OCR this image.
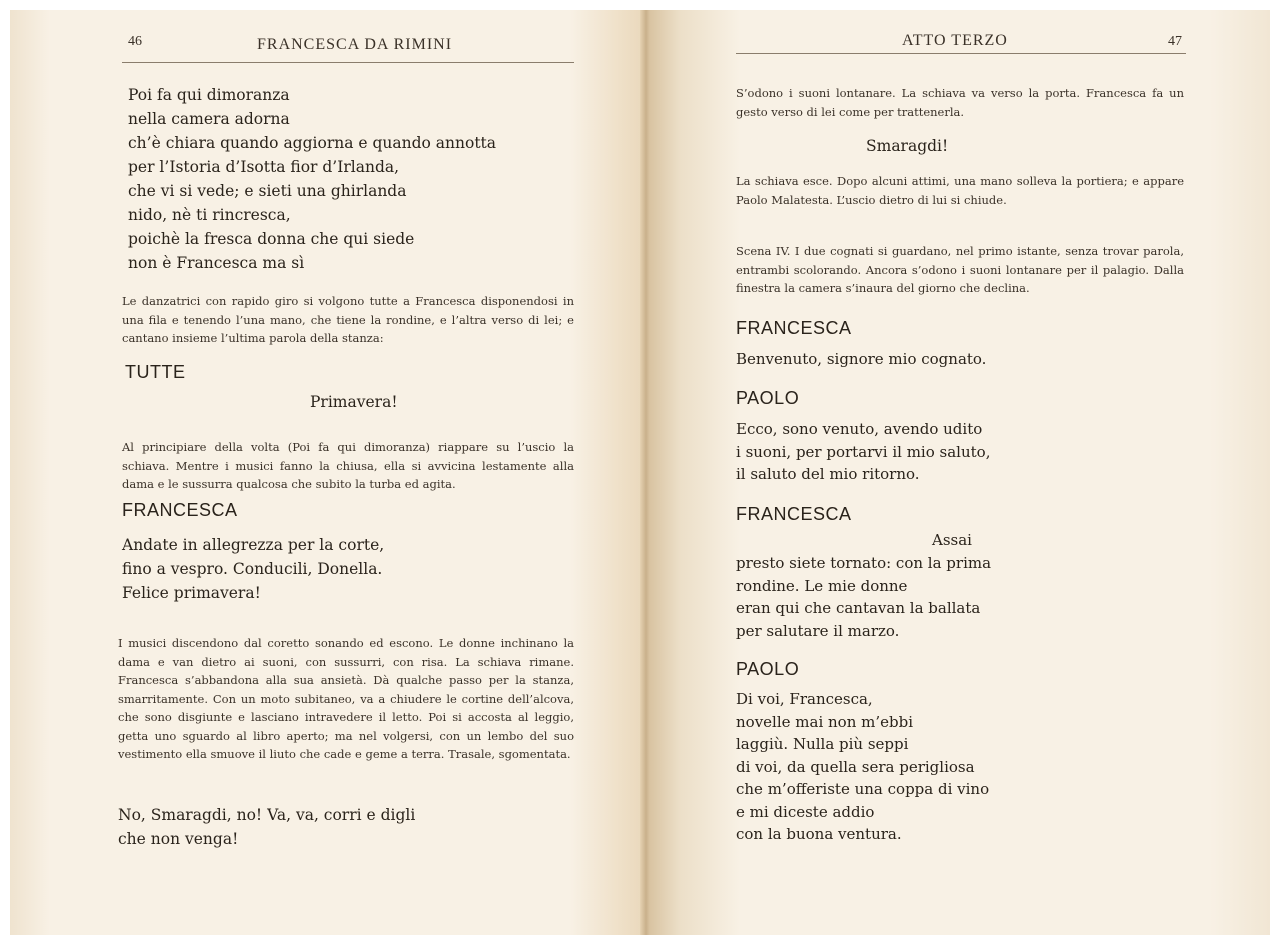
46	FRANCESCA DA RIMINI
Poi fa qui dimoranza
nella camera adorna
ch’è chiara quando aggiorna e quando annotta
per l’Istoria d’Isotta fior d’Irlanda,
che vi si vede; e sieti una ghirlanda
nido, nè ti rincresca,
poichè la fresca donna che qui siede
non è Francesca ma sì
Le danzatrici con rapido giro si volgono tutte a Francesca disponendosi in una fila e tenendo l’una mano, che tiene la rondine, e l’altra verso di lei; e cantano insieme l’ultima parola della stanza:
TUTTE
Primavera!
Al principiare della volta (Poi fa qui dimoranza) riappare su l’uscio la schiava. Mentre i musici fanno la chiusa, ella si avvicina lestamente alla dama e le sussurra qualcosa che subito la turba ed agita.
FRANCESCA
Andate in allegrezza per la corte,
fino a vespro. Conducili, Donella.
Felice primavera!
I musici discendono dal coretto sonando ed escono. Le donne inchinano la dama e van dietro ai suoni, con sussurri, con risa. La schiava rimane. Francesca s’abbandona alla sua ansietà. Dà qualche passo per la stanza, smarritamente. Con un moto subitaneo, va a chiudere le cortine dell’alcova, che sono disgiunte e lasciano intravedere il letto. Poi si accosta al leggio, getta uno sguardo al libro aperto; ma nel volgersi, con un lembo del suo vestimento ella smuove il liuto che cade e geme a terra. Trasale, sgomentata.
No, Smaragdi, no! Va, va, corri e digli
che non venga!
ATTO TERZO	47
S’odono i suoni lontanare. La schiava va verso la porta. Francesca fa un gesto verso di lei come per trattenerla.
Smaragdi!
La schiava esce. Dopo alcuni attimi, una mano solleva la portiera; e appare Paolo Malatesta. L’uscio dietro di lui si chiude.
Scena IV. I due cognati si guardano, nel primo istante, senza trovar parola, entrambi scolorando. Ancora s’odono i suoni lontanare per il palagio. Dalla finestra la camera s’inaura del giorno che declina.
FRANCESCA
Benvenuto, signore mio cognato.
PAOLO
Ecco, sono venuto, avendo udito
i suoni, per portarvi il mio saluto,
il saluto del mio ritorno.
FRANCESCA
Assai
presto siete tornato: con la prima
rondine. Le mie donne
eran qui che cantavan la ballata
per salutare il marzo.
PAOLO
Di voi, Francesca,
novelle mai non m’ebbi
laggiù. Nulla più seppi
di voi, da quella sera perigliosa
che m’offeriste una coppa di vino
e mi diceste addio
con la buona ventura.
